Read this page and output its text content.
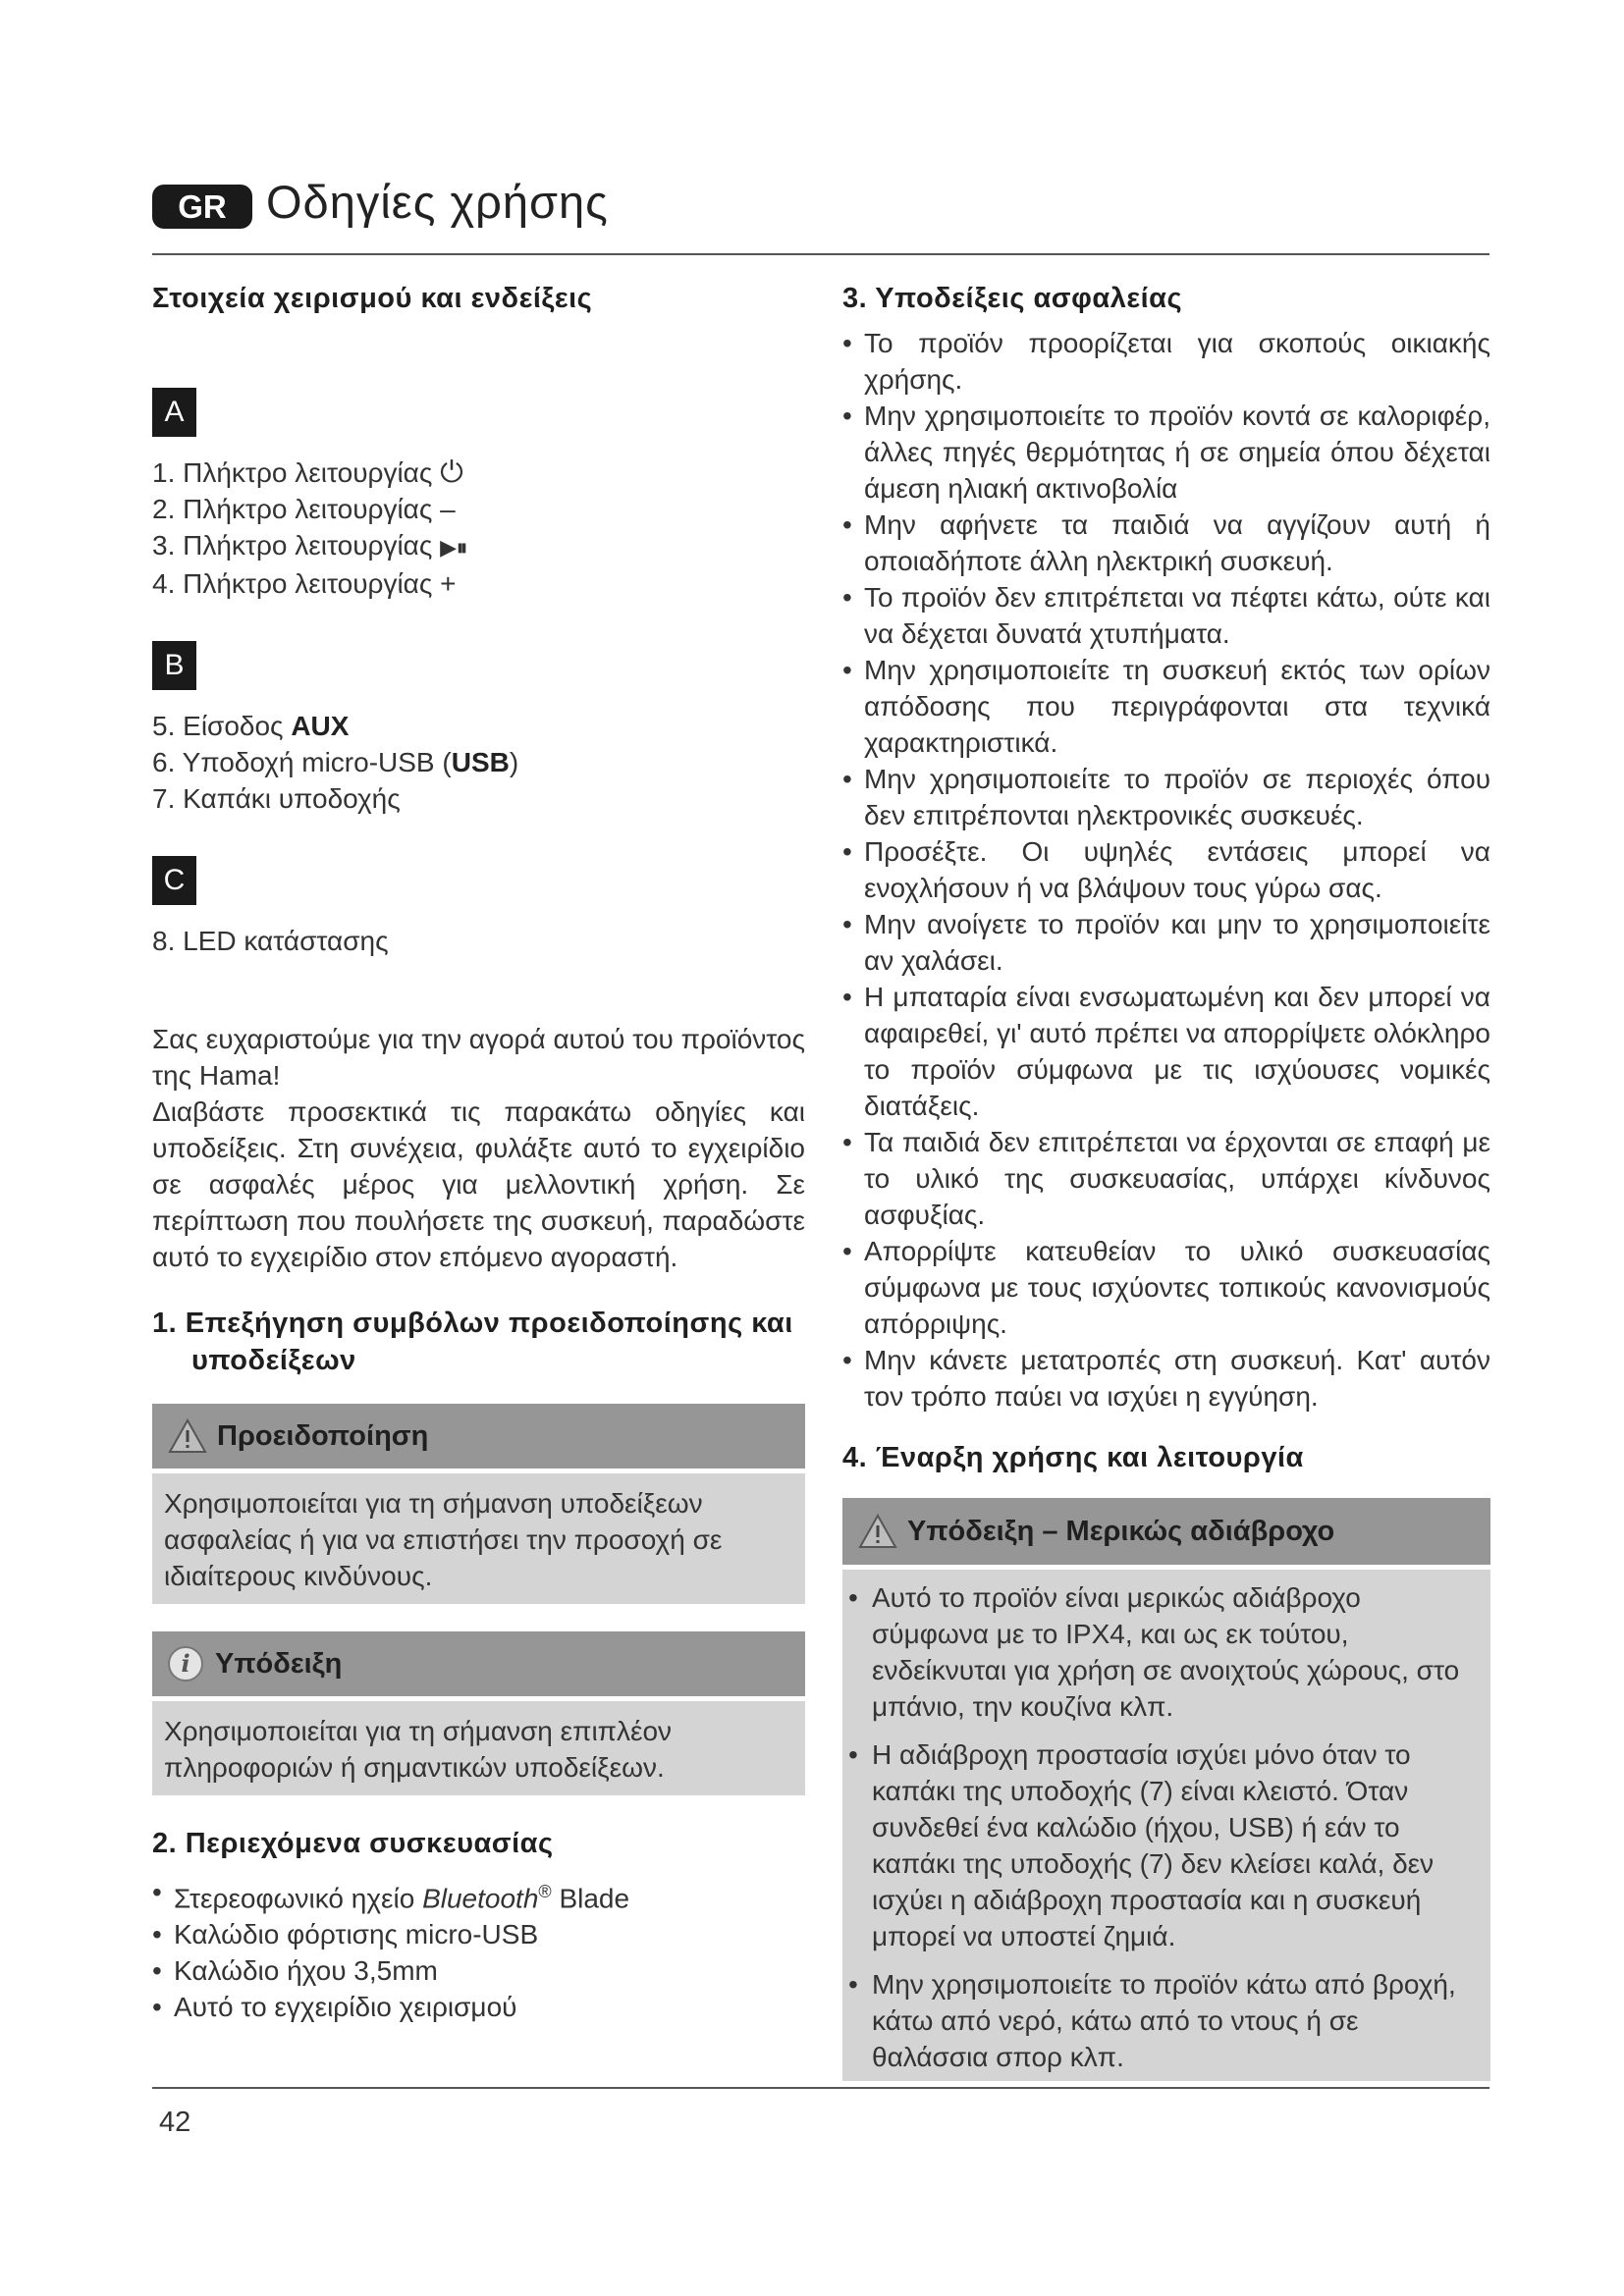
GR Οδηγίες χρήσης
Στοιχεία χειρισμού και ενδείξεις
A
1. Πλήκτρο λειτουργίας ⏻
2. Πλήκτρο λειτουργίας –
3. Πλήκτρο λειτουργίας ▶⏸
4. Πλήκτρο λειτουργίας +
B
5. Είσοδος AUX
6. Υποδοχή micro-USB (USB)
7. Καπάκι υποδοχής
C
8. LED κατάστασης

Σας ευχαριστούμε για την αγορά αυτού του προϊόντος της Hama!

Διαβάστε προσεκτικά τις παρακάτω οδηγίες και υποδείξεις. Στη συνέχεια, φυλάξτε αυτό το εγχειρίδιο σε ασφαλές μέρος για μελλοντική χρήση. Σε περίπτωση που πουλήσετε της συσκευή, παραδώστε αυτό το εγχειρίδιο στον επόμενο αγοραστή.

1. Επεξήγηση συμβόλων προειδοποίησης και υποδείξεων
Προειδοποίηση
Χρησιμοποιείται για τη σήμανση υποδείξεων ασφαλείας ή για να επιστήσει την προσοχή σε ιδιαίτερους κινδύνους.
i Υπόδειξη
Χρησιμοποιείται για τη σήμανση επιπλέον πληροφοριών ή σημαντικών υποδείξεων.
2. Περιεχόμενα συσκευασίας
• Στερεοφωνικό ηχείο Bluetooth® Blade
• Καλώδιο φόρτισης micro-USB
• Καλώδιο ήχου 3,5mm
• Αυτό το εγχειρίδιο χειρισμού
3. Υποδείξεις ασφαλείας
• Το προϊόν προορίζεται για σκοπούς οικιακής χρήσης.
• Μην χρησιμοποιείτε το προϊόν κοντά σε καλοριφέρ, άλλες πηγές θερμότητας ή σε σημεία όπου δέχεται άμεση ηλιακή ακτινοβολία
• Μην αφήνετε τα παιδιά να αγγίζουν αυτή ή οποιαδήποτε άλλη ηλεκτρική συσκευή.
• Το προϊόν δεν επιτρέπεται να πέφτει κάτω, ούτε και να δέχεται δυνατά χτυπήματα.
• Μην χρησιμοποιείτε τη συσκευή εκτός των ορίων απόδοσης που περιγράφονται στα τεχνικά χαρακτηριστικά.
• Μην χρησιμοποιείτε το προϊόν σε περιοχές όπου δεν επιτρέπονται ηλεκτρονικές συσκευές.
• Προσέξτε. Οι υψηλές εντάσεις μπορεί να ενοχλήσουν ή να βλάψουν τους γύρω σας.
• Μην ανοίγετε το προϊόν και μην το χρησιμοποιείτε αν χαλάσει.
• Η μπαταρία είναι ενσωματωμένη και δεν μπορεί να αφαιρεθεί, γι' αυτό πρέπει να απορρίψετε ολόκληρο το προϊόν σύμφωνα με τις ισχύουσες νομικές διατάξεις.
• Τα παιδιά δεν επιτρέπεται να έρχονται σε επαφή με το υλικό της συσκευασίας, υπάρχει κίνδυνος ασφυξίας.
• Απορρίψτε κατευθείαν το υλικό συσκευασίας σύμφωνα με τους ισχύοντες τοπικούς κανονισμούς απόρριψης.
• Μην κάνετε μετατροπές στη συσκευή. Κατ' αυτόν τον τρόπο παύει να ισχύει η εγγύηση.
4. Έναρξη χρήσης και λειτουργία
Υπόδειξη – Μερικώς αδιάβροχο
• Αυτό το προϊόν είναι μερικώς αδιάβροχο σύμφωνα με το IPX4, και ως εκ τούτου, ενδείκνυται για χρήση σε ανοιχτούς χώρους, στο μπάνιο, την κουζίνα κλπ.
• Η αδιάβροχη προστασία ισχύει μόνο όταν το καπάκι της υποδοχής (7) είναι κλειστό. Όταν συνδεθεί ένα καλώδιο (ήχου, USB) ή εάν το καπάκι της υποδοχής (7) δεν κλείσει καλά, δεν ισχύει η αδιάβροχη προστασία και η συσκευή μπορεί να υποστεί ζημιά.
• Μην χρησιμοποιείτε το προϊόν κάτω από βροχή, κάτω από νερό, κάτω από το ντους ή σε θαλάσσια σπορ κλπ.
42
